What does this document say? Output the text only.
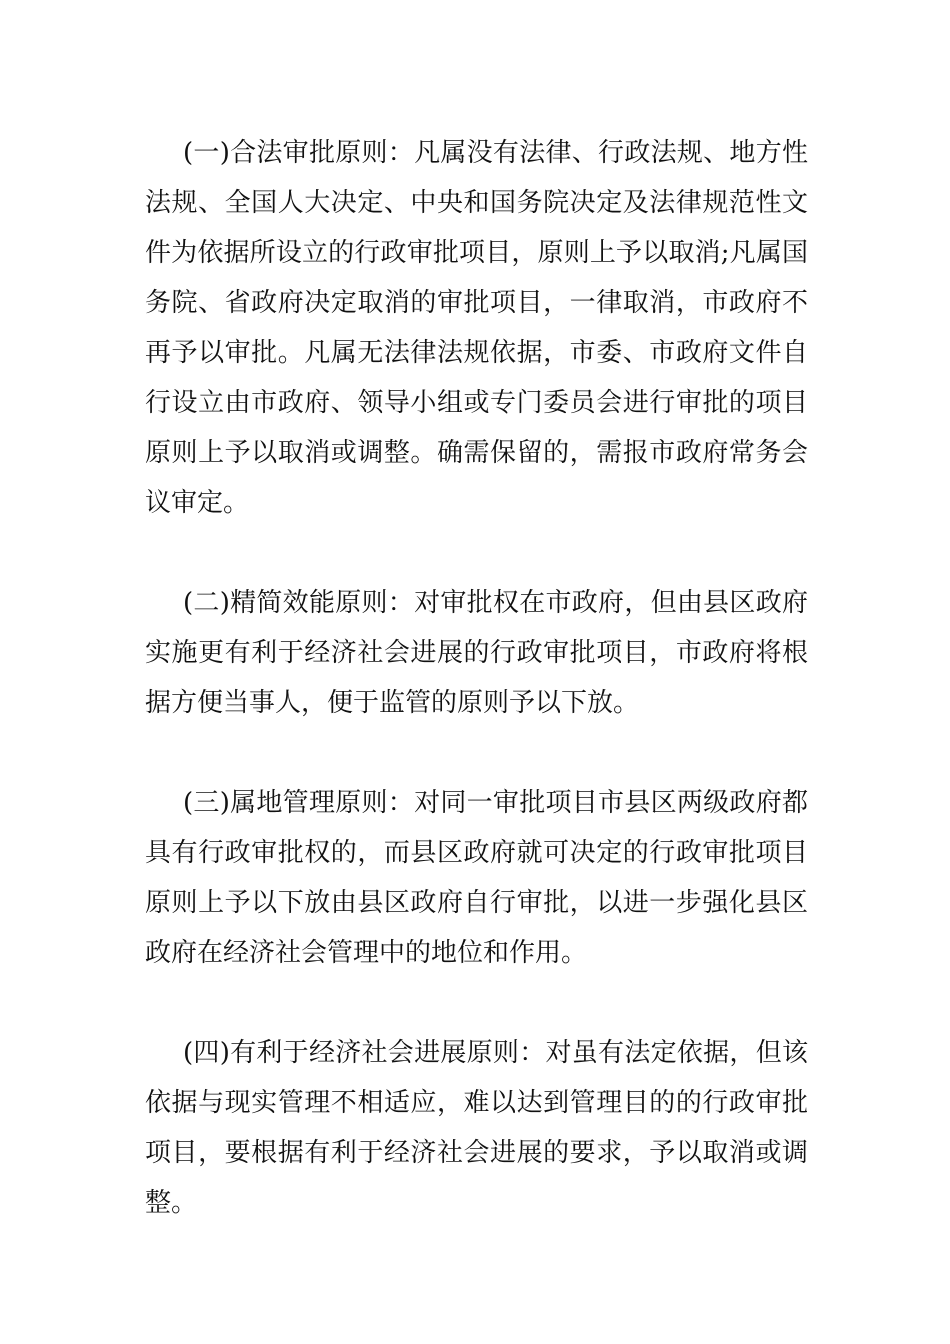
(一)合法审批原则：凡属没有法律、行政法规、地方性法规、全国人大决定、中央和国务院决定及法律规范性文件为依据所设立的行政审批项目，原则上予以取消;凡属国务院、省政府决定取消的审批项目，一律取消，市政府不再予以审批。凡属无法律法规依据，市委、市政府文件自行设立由市政府、领导小组或专门委员会进行审批的项目原则上予以取消或调整。确需保留的，需报市政府常务会议审定。

(二)精简效能原则：对审批权在市政府，但由县区政府实施更有利于经济社会进展的行政审批项目，市政府将根据方便当事人，便于监管的原则予以下放。

(三)属地管理原则：对同一审批项目市县区两级政府都具有行政审批权的，而县区政府就可决定的行政审批项目原则上予以下放由县区政府自行审批，以进一步强化县区政府在经济社会管理中的地位和作用。

(四)有利于经济社会进展原则：对虽有法定依据，但该依据与现实管理不相适应，难以达到管理目的的行政审批项目，要根据有利于经济社会进展的要求，予以取消或调整。
